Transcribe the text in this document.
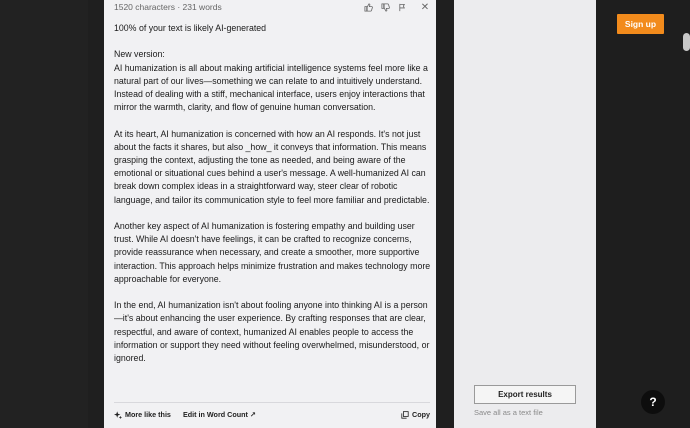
1520 characters · 231 words	✕

100% of your text is likely AI-generated

New version:
AI humanization is all about making artificial intelligence systems feel more like a natural part of our lives—something we can relate to and intuitively understand. Instead of dealing with a stiff, mechanical interface, users enjoy interactions that mirror the warmth, clarity, and flow of genuine human conversation.

At its heart, AI humanization is concerned with how an AI responds. It's not just about the facts it shares, but also _how_ it conveys that information. This means grasping the context, adjusting the tone as needed, and being aware of the emotional or situational cues behind a user's message. A well-humanized AI can break down complex ideas in a straightforward way, steer clear of robotic language, and tailor its communication style to feel more familiar and predictable.

Another key aspect of AI humanization is fostering empathy and building user trust. While AI doesn't have feelings, it can be crafted to recognize concerns, provide reassurance when necessary, and create a smoother, more supportive interaction. This approach helps minimize frustration and makes technology more approachable for everyone.

In the end, AI humanization isn't about fooling anyone into thinking AI is a person—it's about enhancing the user experience. By crafting responses that are clear, respectful, and aware of context, humanized AI enables people to access the information or support they need without feeling overwhelmed, misunderstood, or ignored.

More like this Edit in Word Count ↗	Copy
Export results
Save all as a text file
Sign up
?
